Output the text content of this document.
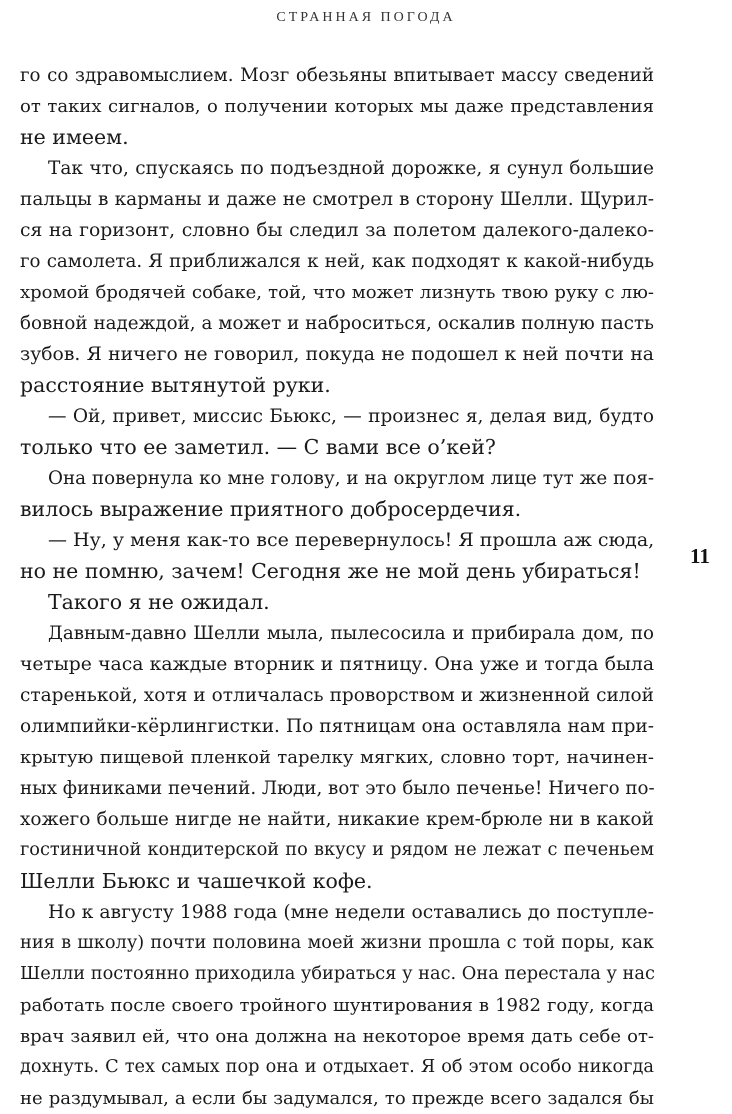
СТРАННАЯ ПОГОДА
го со здравомыслием. Мозг обезьяны впитывает массу сведений
от таких сигналов, о получении которых мы даже представления
не имеем.
Так что, спускаясь по подъездной дорожке, я сунул большие
пальцы в карманы и даже не смотрел в сторону Шелли. Щурил-
ся на горизонт, словно бы следил за полетом далекого-далеко-
го самолета. Я приближался к ней, как подходят к какой-нибудь
хромой бродячей собаке, той, что может лизнуть твою руку с лю-
бовной надеждой, а может и наброситься, оскалив полную пасть
зубов. Я ничего не говорил, покуда не подошел к ней почти на
расстояние вытянутой руки.
— Ой, привет, миссис Бьюкс, — произнес я, делая вид, будто
только что ее заметил. — С вами все о’кей?
Она повернула ко мне голову, и на округлом лице тут же поя-
вилось выражение приятного добросердечия.
— Ну, у меня как-то все перевернулось! Я прошла аж сюда,
но не помню, зачем! Сегодня же не мой день убираться!
Такого я не ожидал.
Давным-давно Шелли мыла, пылесосила и прибирала дом, по
четыре часа каждые вторник и пятницу. Она уже и тогда была
старенькой, хотя и отличалась проворством и жизненной силой
олимпийки-кёрлингистки. По пятницам она оставляла нам при-
крытую пищевой пленкой тарелку мягких, словно торт, начинен-
ных финиками печений. Люди, вот это было печенье! Ничего по-
хожего больше нигде не найти, никакие крем-брюле ни в какой
гостиничной кондитерской по вкусу и рядом не лежат с печеньем
Шелли Бьюкс и чашечкой кофе.
Но к августу 1988 года (мне недели оставались до поступле-
ния в школу) почти половина моей жизни прошла с той поры, как
Шелли постоянно приходила убираться у нас. Она перестала у нас
работать после своего тройного шунтирования в 1982 году, когда
врач заявил ей, что она должна на некоторое время дать себе от-
дохнуть. С тех самых пор она и отдыхает. Я об этом особо никогда
не раздумывал, а если бы задумался, то прежде всего задался бы
11
